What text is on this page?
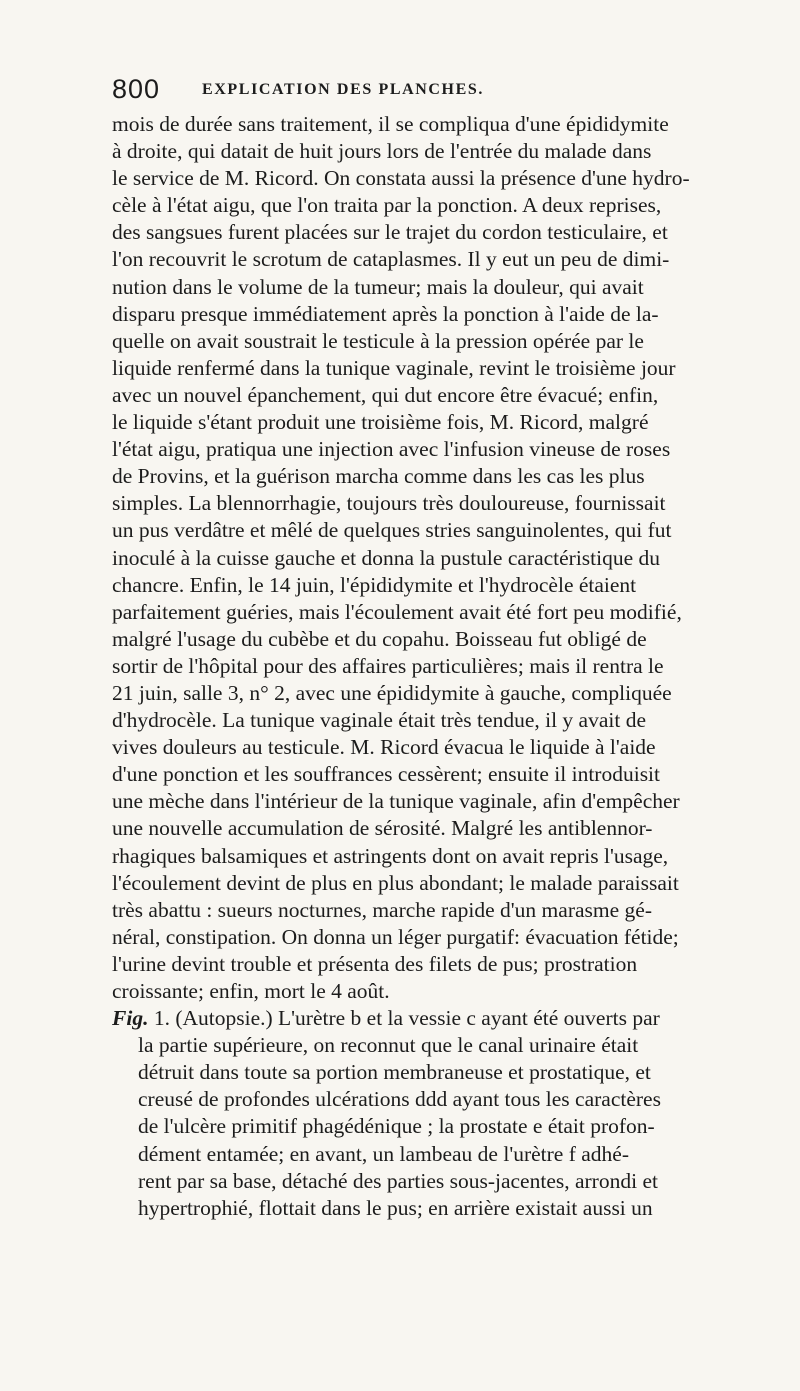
800	EXPLICATION DES PLANCHES.
mois de durée sans traitement, il se compliqua d'une épididymite
à droite, qui datait de huit jours lors de l'entrée du malade dans
le service de M. Ricord. On constata aussi la présence d'une hydro-
cèle à l'état aigu, que l'on traita par la ponction. A deux reprises,
des sangsues furent placées sur le trajet du cordon testiculaire, et
l'on recouvrit le scrotum de cataplasmes. Il y eut un peu de dimi-
nution dans le volume de la tumeur; mais la douleur, qui avait
disparu presque immédiatement après la ponction à l'aide de la-
quelle on avait soustrait le testicule à la pression opérée par le
liquide renfermé dans la tunique vaginale, revint le troisième jour
avec un nouvel épanchement, qui dut encore être évacué; enfin,
le liquide s'étant produit une troisième fois, M. Ricord, malgré
l'état aigu, pratiqua une injection avec l'infusion vineuse de roses
de Provins, et la guérison marcha comme dans les cas les plus
simples. La blennorrhagie, toujours très douloureuse, fournissait
un pus verdâtre et mêlé de quelques stries sanguinolentes, qui fut
inoculé à la cuisse gauche et donna la pustule caractéristique du
chancre. Enfin, le 14 juin, l'épididymite et l'hydrocèle étaient
parfaitement guéries, mais l'écoulement avait été fort peu modifié,
malgré l'usage du cubèbe et du copahu. Boisseau fut obligé de
sortir de l'hôpital pour des affaires particulières; mais il rentra le
21 juin, salle 3, n° 2, avec une épididymite à gauche, compliquée
d'hydrocèle. La tunique vaginale était très tendue, il y avait de
vives douleurs au testicule. M. Ricord évacua le liquide à l'aide
d'une ponction et les souffrances cessèrent; ensuite il introduisit
une mèche dans l'intérieur de la tunique vaginale, afin d'empêcher
une nouvelle accumulation de sérosité. Malgré les antiblennor-
rhagiques balsamiques et astringents dont on avait repris l'usage,
l'écoulement devint de plus en plus abondant; le malade paraissait
très abattu : sueurs nocturnes, marche rapide d'un marasme gé-
néral, constipation. On donna un léger purgatif: évacuation fétide;
l'urine devint trouble et présenta des filets de pus; prostration
croissante; enfin, mort le 4 août.
Fig. 1. (Autopsie.) L'urètre b et la vessie c ayant été ouverts par
la partie supérieure, on reconnut que le canal urinaire était
détruit dans toute sa portion membraneuse et prostatique, et
creusé de profondes ulcérations ddd ayant tous les caractères
de l'ulcère primitif phagédénique ; la prostate e était profon-
dément entamée; en avant, un lambeau de l'urètre f adhé-
rent par sa base, détaché des parties sous-jacentes, arrondi et
hypertrophié, flottait dans le pus; en arrière existait aussi un
